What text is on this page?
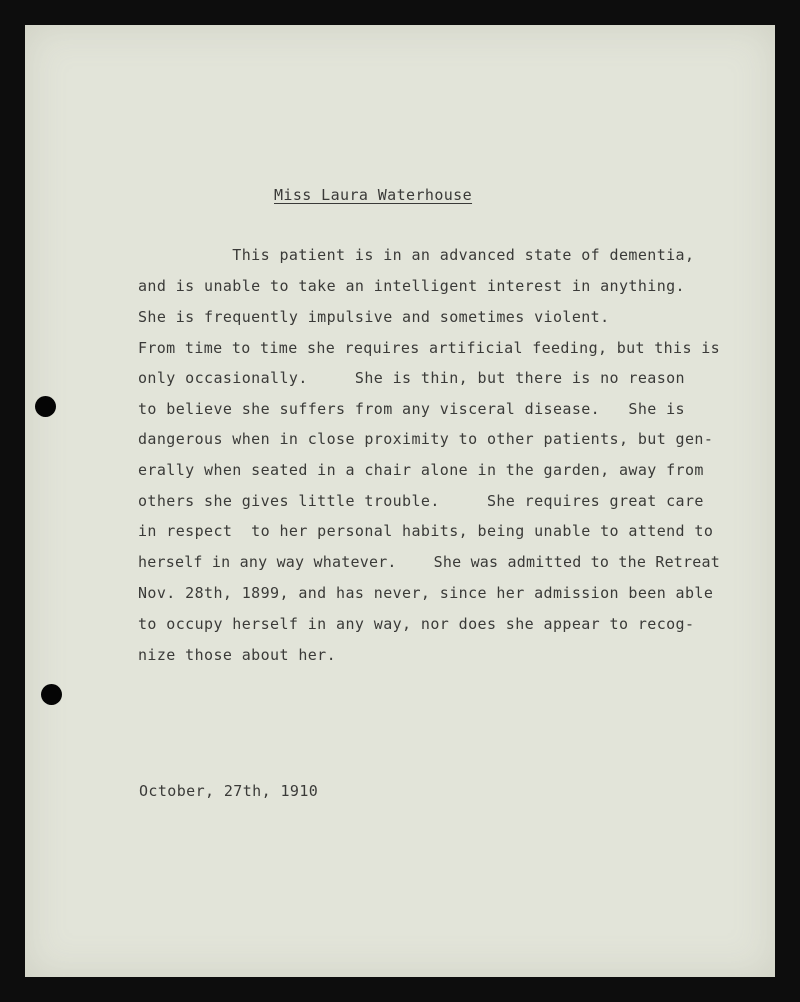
Miss Laura Waterhouse
This patient is in an advanced state of dementia,
and is unable to take an intelligent interest in anything.
She is frequently impulsive and sometimes violent.
From time to time she requires artificial feeding, but this is
only occasionally.     She is thin, but there is no reason
to believe she suffers from any visceral disease.   She is
dangerous when in close proximity to other patients, but gen-
erally when seated in a chair alone in the garden, away from
others she gives little trouble.     She requires great care
in respect  to her personal habits, being unable to attend to
herself in any way whatever.    She was admitted to the Retreat
Nov. 28th, 1899, and has never, since her admission been able
to occupy herself in any way, nor does she appear to recog-
nize those about her.
October, 27th, 1910
